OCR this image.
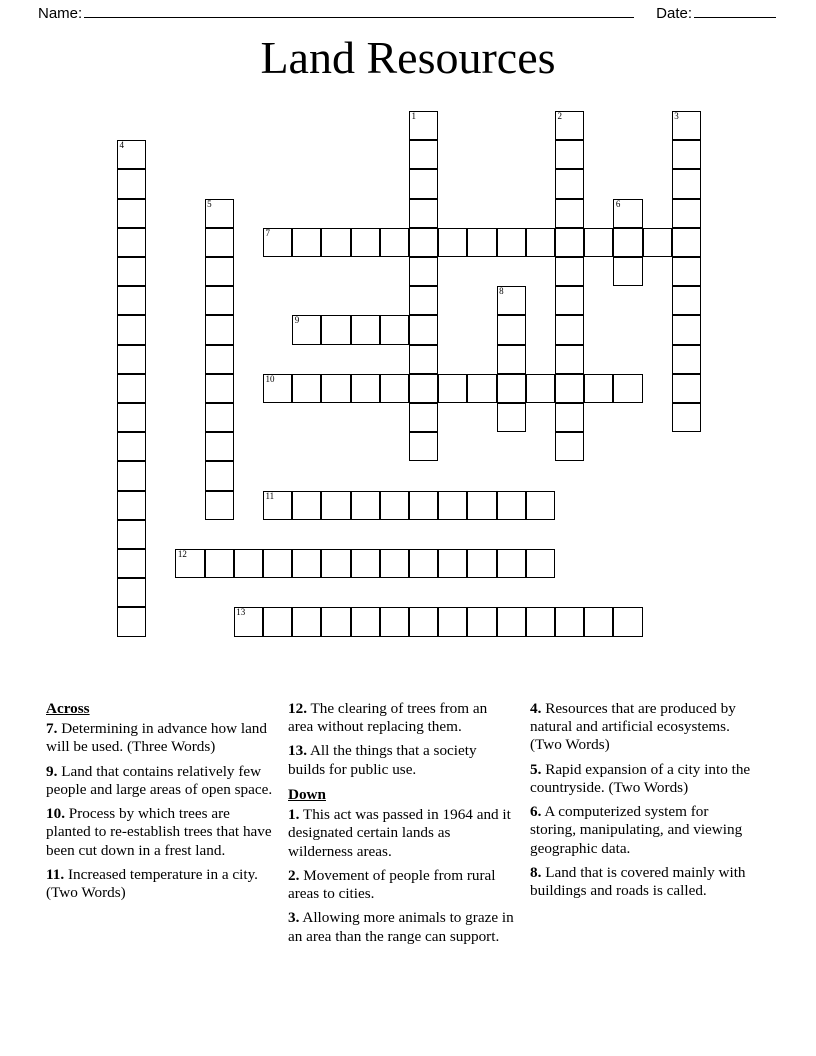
Name:	Date:
Land Resources
1	2	3
4
5	6
7
8
9
10
11
12
13
Across

7. Determining in advance how land will be used. (Three Words)

9. Land that contains relatively few people and large areas of open space.

10. Process by which trees are planted to re-establish trees that have been cut down in a frest land.

11. Increased temperature in a city. (Two Words)

12. The clearing of trees from an area without replacing them.

13. All the things that a society builds for public use.

Down

1. This act was passed in 1964 and it designated certain lands as wilderness areas.

2. Movement of people from rural areas to cities.

3. Allowing more animals to graze in an area than the range can support.

4. Resources that are produced by natural and artificial ecosystems. (Two Words)

5. Rapid expansion of a city into the countryside. (Two Words)

6. A computerized system for storing, manipulating, and viewing geographic data.

8. Land that is covered mainly with buildings and roads is called.
